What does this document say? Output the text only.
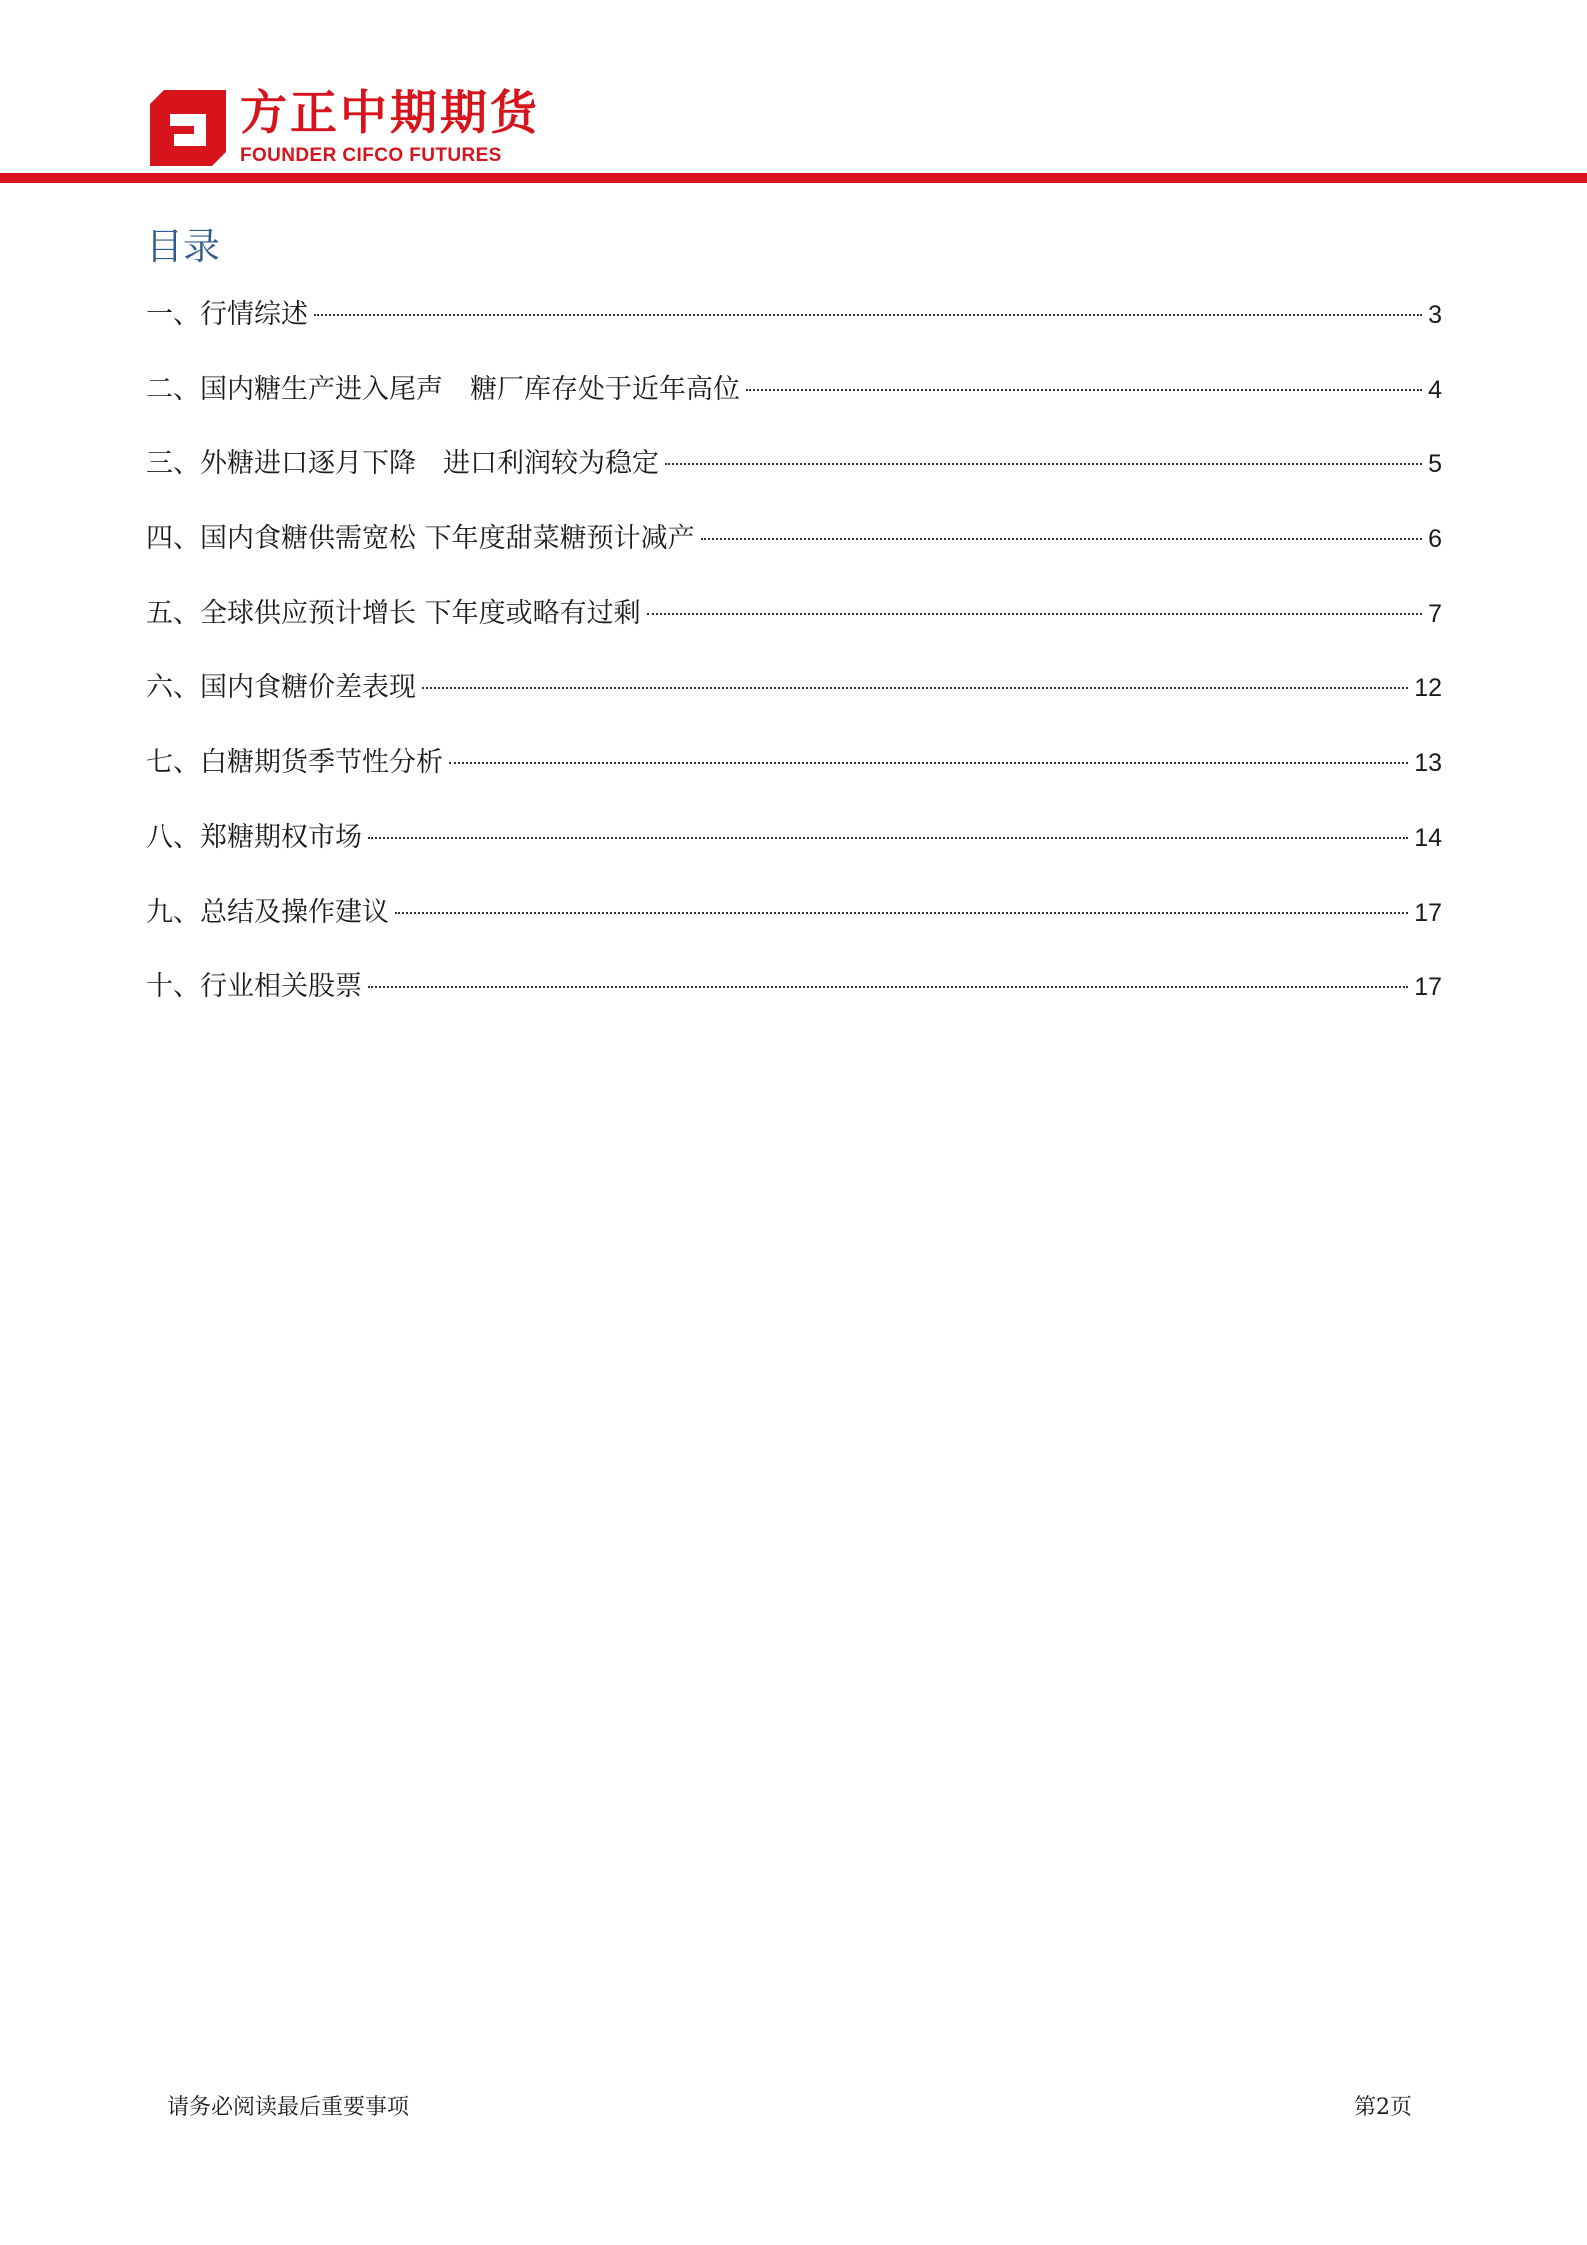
方正中期期货
FOUNDER CIFCO FUTURES
目录
一、行情综述	3
二、国内糖生产进入尾声　糖厂库存处于近年高位	4
三、外糖进口逐月下降　进口利润较为稳定	5
四、国内食糖供需宽松 下年度甜菜糖预计减产	6
五、全球供应预计增长 下年度或略有过剩	7
六、国内食糖价差表现	12
七、白糖期货季节性分析	13
八、郑糖期权市场	14
九、总结及操作建议	17
十、行业相关股票	17
请务必阅读最后重要事项	第2页
